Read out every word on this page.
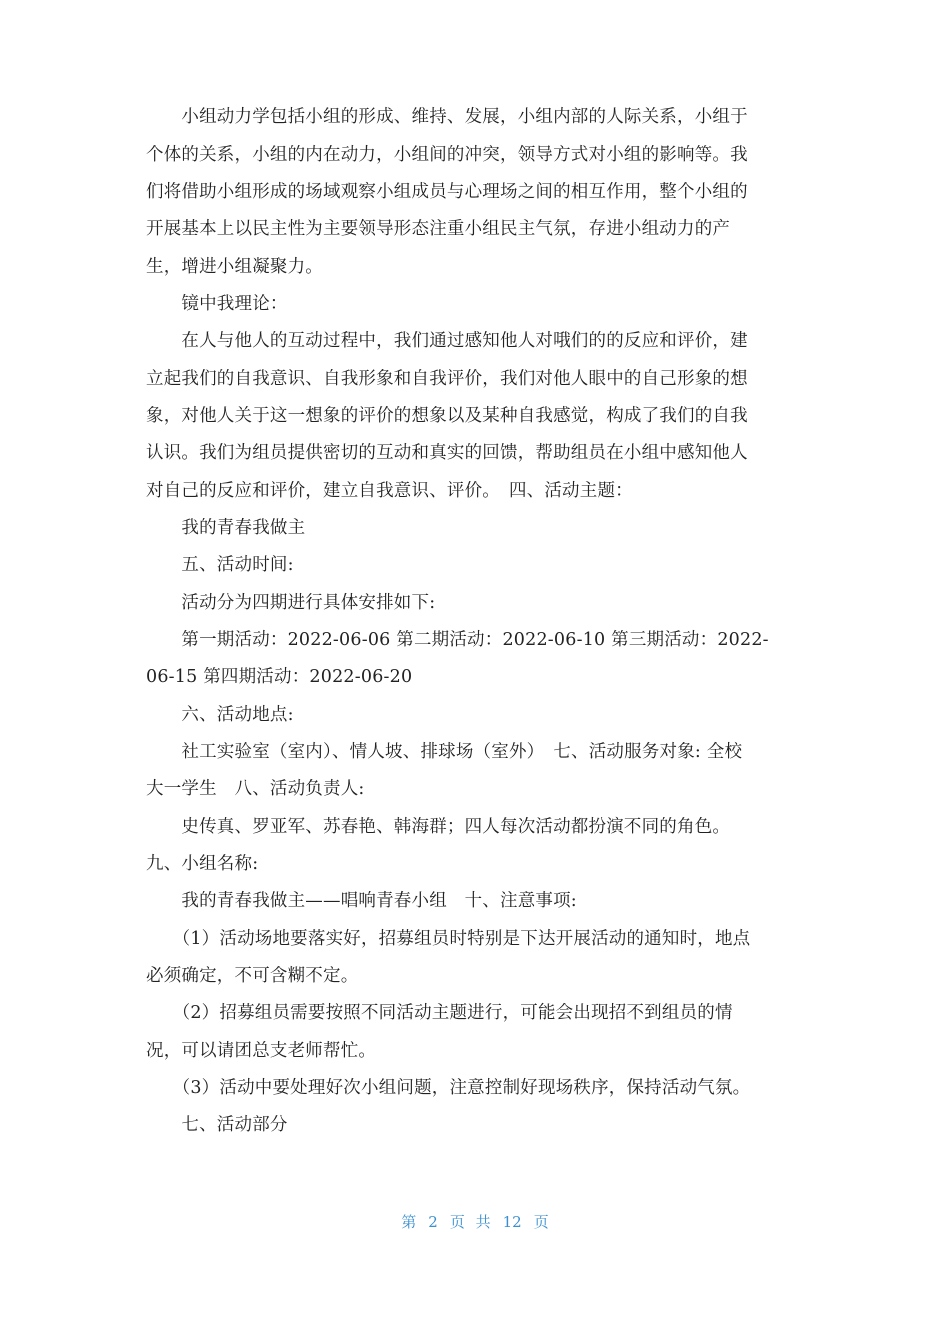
　　小组动力学包括小组的形成、维持、发展，小组内部的人际关系，小组于
个体的关系，小组的内在动力，小组间的冲突，领导方式对小组的影响等。我
们将借助小组形成的场域观察小组成员与心理场之间的相互作用，整个小组的
开展基本上以民主性为主要领导形态注重小组民主气氛，存进小组动力的产
生，增进小组凝聚力。
　　镜中我理论：
　　在人与他人的互动过程中，我们通过感知他人对哦们的的反应和评价，建
立起我们的自我意识、自我形象和自我评价，我们对他人眼中的自己形象的想
象，对他人关于这一想象的评价的想象以及某种自我感觉，构成了我们的自我
认识。我们为组员提供密切的互动和真实的回馈，帮助组员在小组中感知他人
对自己的反应和评价，建立自我意识、评价。　四、活动主题：
　　我的青春我做主
　　五、活动时间:
　　活动分为四期进行具体安排如下:
　　第一期活动：2022-06-06 第二期活动：2022-06-10 第三期活动：2022-
06-15 第四期活动：2022-06-20
　　六、活动地点:
　　社工实验室（室内）、情人坡、排球场（室外）　七、活动服务对象: 全校
大一学生　八、活动负责人:
　　史传真、罗亚军、苏春艳、韩海群；四人每次活动都扮演不同的角色。
九、小组名称:
　　我的青春我做主——唱响青春小组　十、注意事项:
　　（1）活动场地要落实好，招募组员时特别是下达开展活动的通知时，地点
必须确定，不可含糊不定。
　　（2）招募组员需要按照不同活动主题进行，可能会出现招不到组员的情
况，可以请团总支老师帮忙。
　　（3）活动中要处理好次小组问题，注意控制好现场秩序，保持活动气氛。
　　七、活动部分
第 2 页 共 12 页
